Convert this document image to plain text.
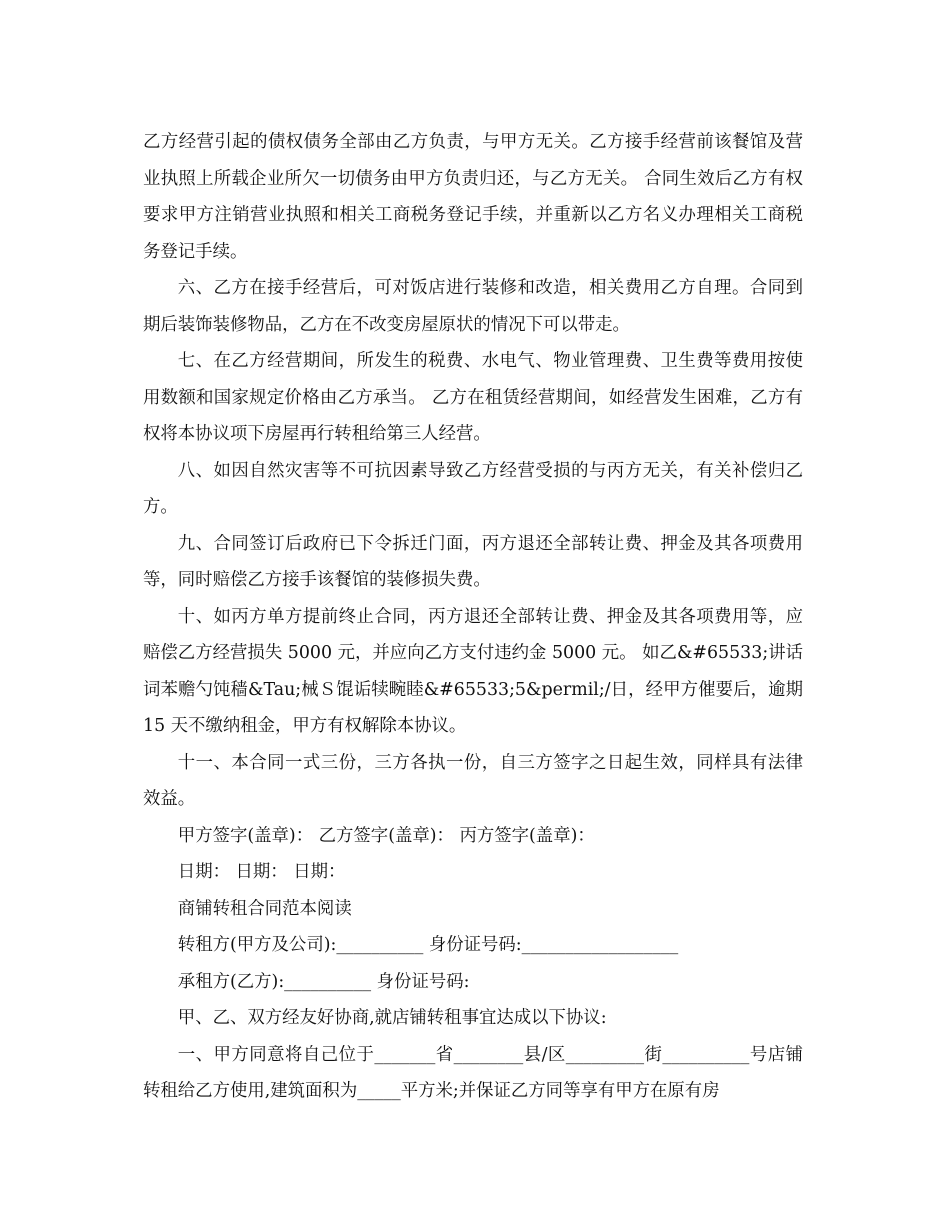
乙方经营引起的债权债务全部由乙方负责，与甲方无关。乙方接手经营前该餐馆及营业执照上所载企业所欠一切债务由甲方负责归还，与乙方无关。 合同生效后乙方有权要求甲方注销营业执照和相关工商税务登记手续，并重新以乙方名义办理相关工商税务登记手续。

六、乙方在接手经营后，可对饭店进行装修和改造，相关费用乙方自理。合同到期后装饰装修物品，乙方在不改变房屋原状的情况下可以带走。

七、在乙方经营期间，所发生的税费、水电气、物业管理费、卫生费等费用按使用数额和国家规定价格由乙方承当。 乙方在租赁经营期间，如经营发生困难，乙方有权将本协议项下房屋再行转租给第三人经营。

八、如因自然灾害等不可抗因素导致乙方经营受损的与丙方无关，有关补偿归乙方。

九、合同签订后政府已下令拆迁门面，丙方退还全部转让费、押金及其各项费用等，同时赔偿乙方接手该餐馆的装修损失费。

十、如丙方单方提前终止合同，丙方退还全部转让费、押金及其各项费用等，应赔偿乙方经营损失 5000 元，并应向乙方支付违约金 5000 元。 如乙&#65533;讲话词苯赡勺饨穑&Tau;械Ｓ馄诟犊畹睦&#65533;5&permil;/日，经甲方催要后，逾期 15 天不缴纳租金，甲方有权解除本协议。

十一、本合同一式三份，三方各执一份，自三方签字之日起生效，同样具有法律效益。

甲方签字(盖章)： 乙方签字(盖章)： 丙方签字(盖章)：

日期： 日期： 日期：

商铺转租合同范本阅读

转租方(甲方及公司):__________ 身份证号码:__________________

承租方(乙方):__________ 身份证号码:

甲、乙、双方经友好协商,就店铺转租事宜达成以下协议:

一、甲方同意将自己位于_______省________县/区_________街__________号店铺转租给乙方使用,建筑面积为_____平方米;并保证乙方同等享有甲方在原有房
